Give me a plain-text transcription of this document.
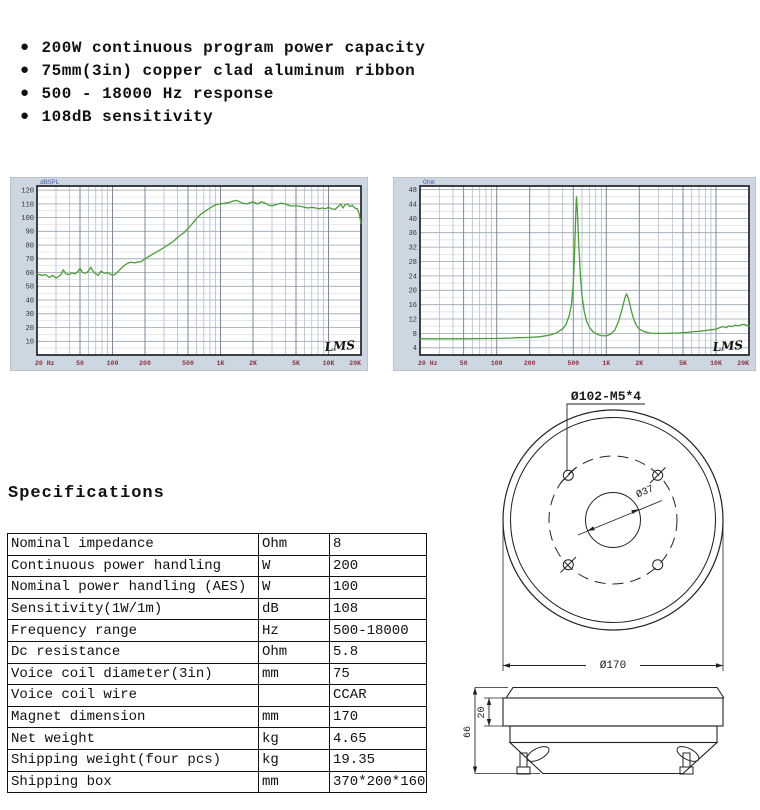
● 200W continuous program power capacity
● 75mm(3in) copper clad aluminum ribbon
● 500 - 18000 Hz response
● 108dB sensitivity
10
20
30
40
50
60
70
80
90
100
110
120
20 Hz	50	100	200	500	1K	2K	5K	10K 20K
dBSPL
LMS	4
8
12
16
20
24
28
32
36
40
44
48
20 Hz	50	100	200	500	1K	2K	5K	10K 20K
Ohm
LMS
Specifications
Nominal impedance	Ohm	8
Continuous power handling	W	200
Nominal power handling (AES)	W	100
Sensitivity(1W/1m)	dB	108
Frequency range	Hz	500-18000
Dc resistance	Ohm	5.8
Voice coil diameter(3in)	mm	75
Voice coil wire		CCAR
Magnet dimension	mm	170
Net weight	kg	4.65
Shipping weight(four pcs)	kg	19.35
Shipping box	mm	370*200*160
Ø102-M5*4
Ø37
Ø170
66
20
